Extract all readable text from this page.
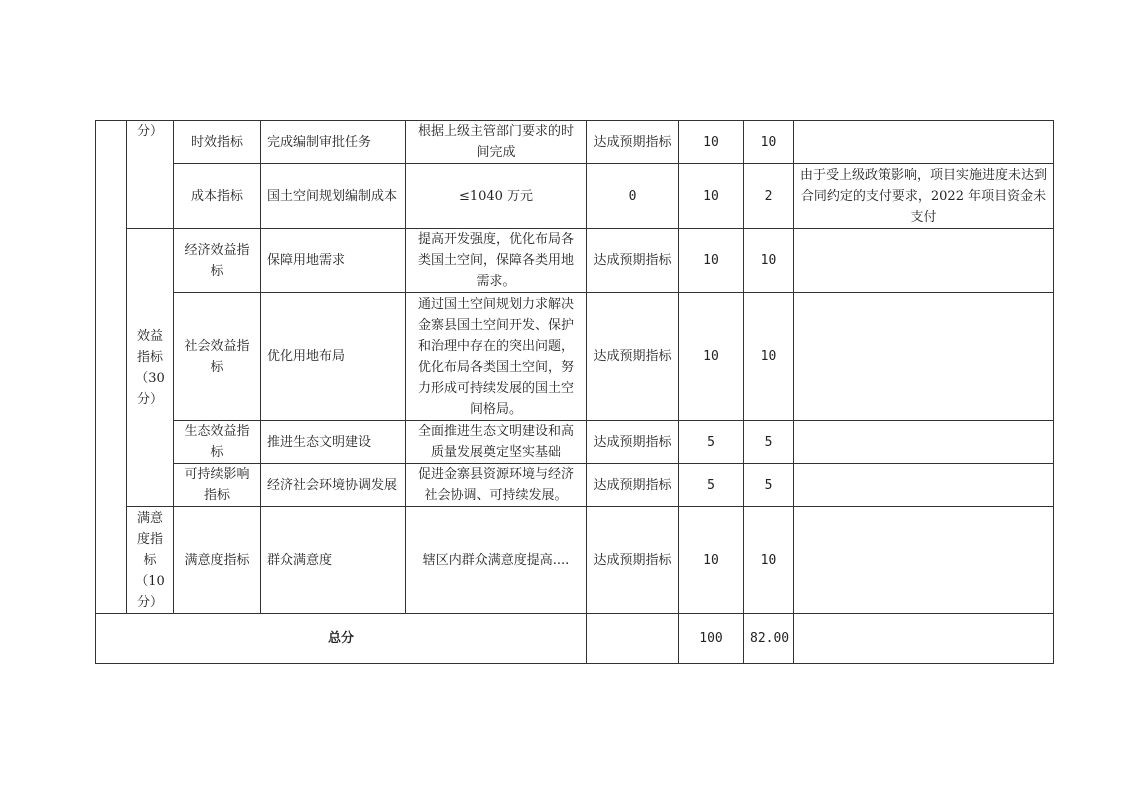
	分）	时效指标	完成编制审批任务	根据上级主管部门要求的时间完成	达成预期指标	10	10	
		成本指标	国土空间规划编制成本	≤1040 万元	0	10	2	由于受上级政策影响，项目实施进度未达到合同约定的支付要求，2022 年项目资金未支付
	效益指标（30分）	经济效益指标	保障用地需求	提高开发强度，优化布局各类国土空间，保障各类用地需求。	达成预期指标	10	10	
		社会效益指标	优化用地布局	通过国土空间规划力求解决金寨县国土空间开发、保护和治理中存在的突出问题，优化布局各类国土空间，努力形成可持续发展的国土空间格局。	达成预期指标	10	10	
		生态效益指标	推进生态文明建设	全面推进生态文明建设和高质量发展奠定坚实基础	达成预期指标	5	5	
		可持续影响指标	经济社会环境协调发展	促进金寨县资源环境与经济社会协调、可持续发展。	达成预期指标	5	5	
	满意度指标（10分）	满意度指标	群众满意度	辖区内群众满意度提高....	达成预期指标	10	10	
总分						100	82.00	
